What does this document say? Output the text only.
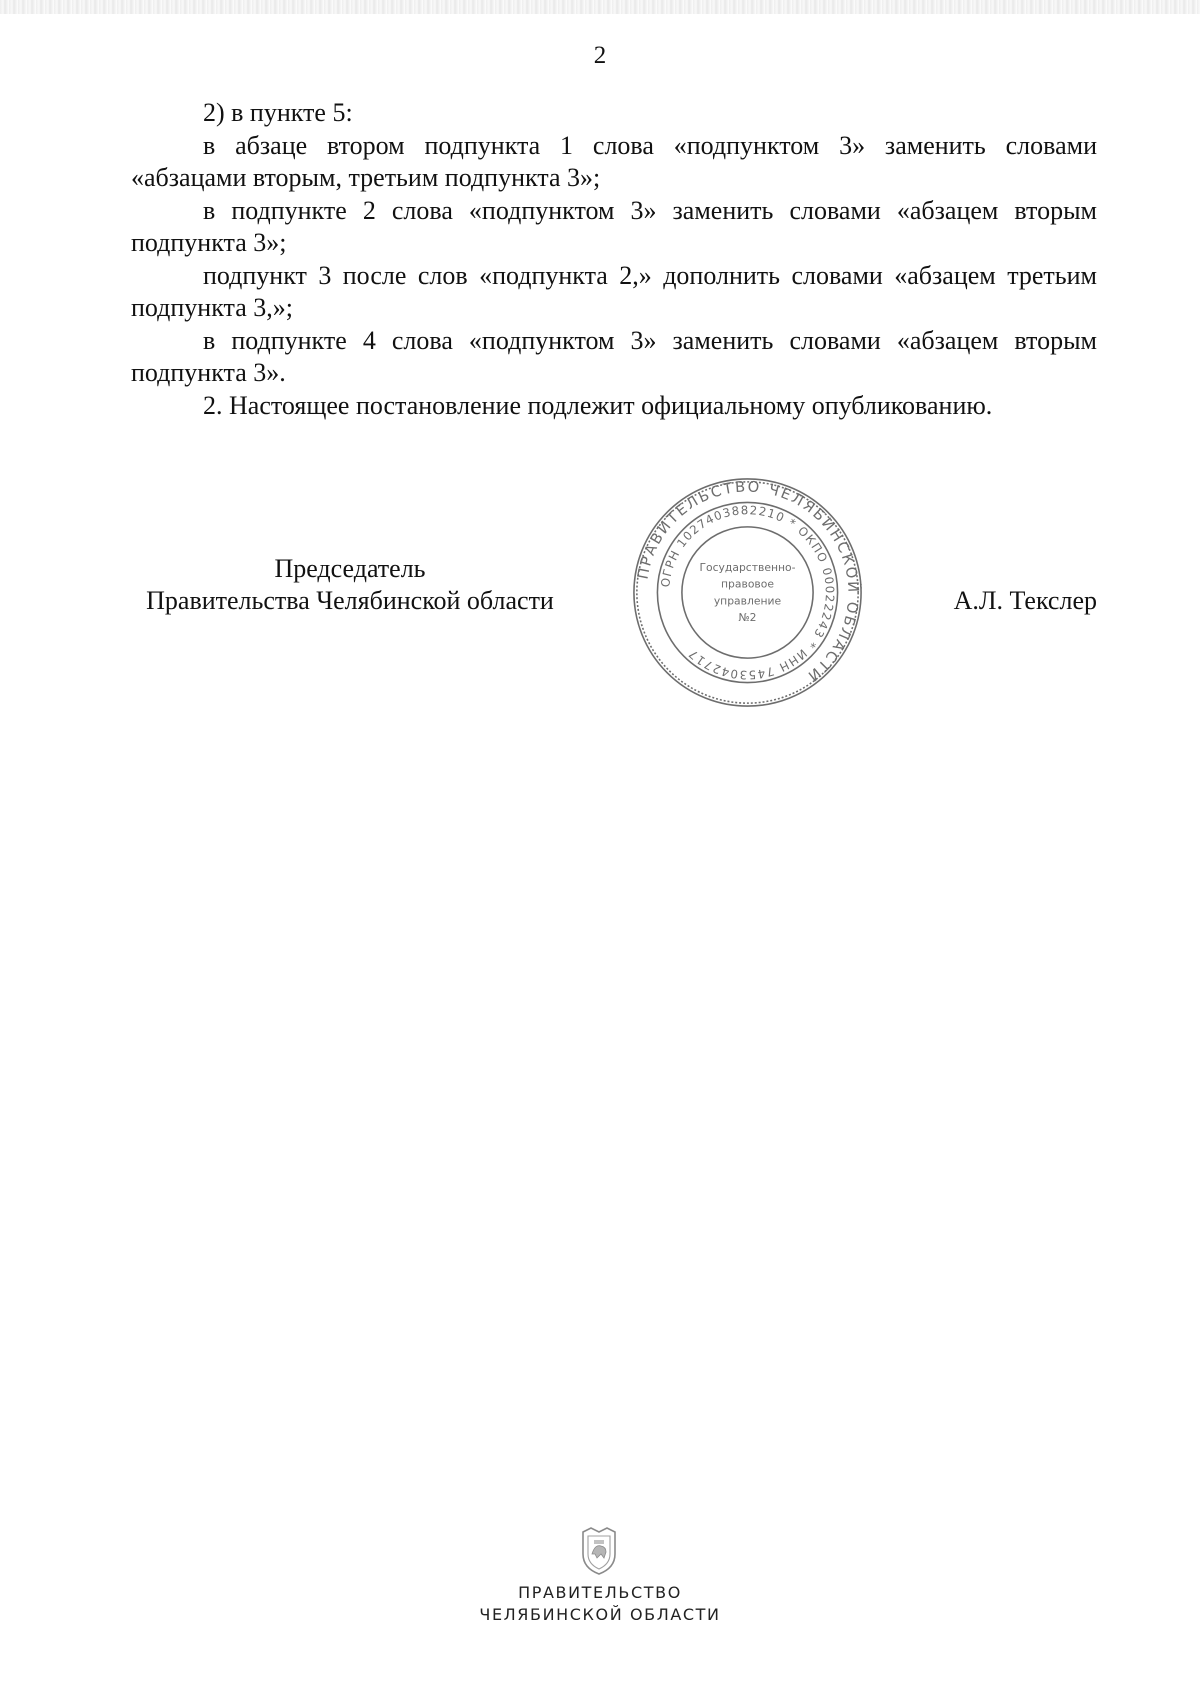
2

2) в пункте 5:

в абзаце втором подпункта 1 слова «подпунктом 3» заменить словами «абзацами вторым, третьим подпункта 3»;

в подпункте 2 слова «подпунктом 3» заменить словами «абзацем вторым подпункта 3»;

подпункт 3 после слов «подпункта 2,» дополнить словами «абзацем третьим подпункта 3,»;

в подпункте 4 слова «подпунктом 3» заменить словами «абзацем вторым подпункта 3».

2. Настоящее постановление подлежит официальному опубликованию.

Председатель
Правительства Челябинской области	А.Л. Текслер
ПРАВИТЕЛЬСТВО ЧЕЛЯБИНСКОЙ ОБЛАСТИ
ОГРН 1027403882210 * ОКПО 00022243 * ИНН 7453042717
Государственно-
правовое
управление
№2
ПРАВИТЕЛЬСТВО
ЧЕЛЯБИНСКОЙ ОБЛАСТИ
